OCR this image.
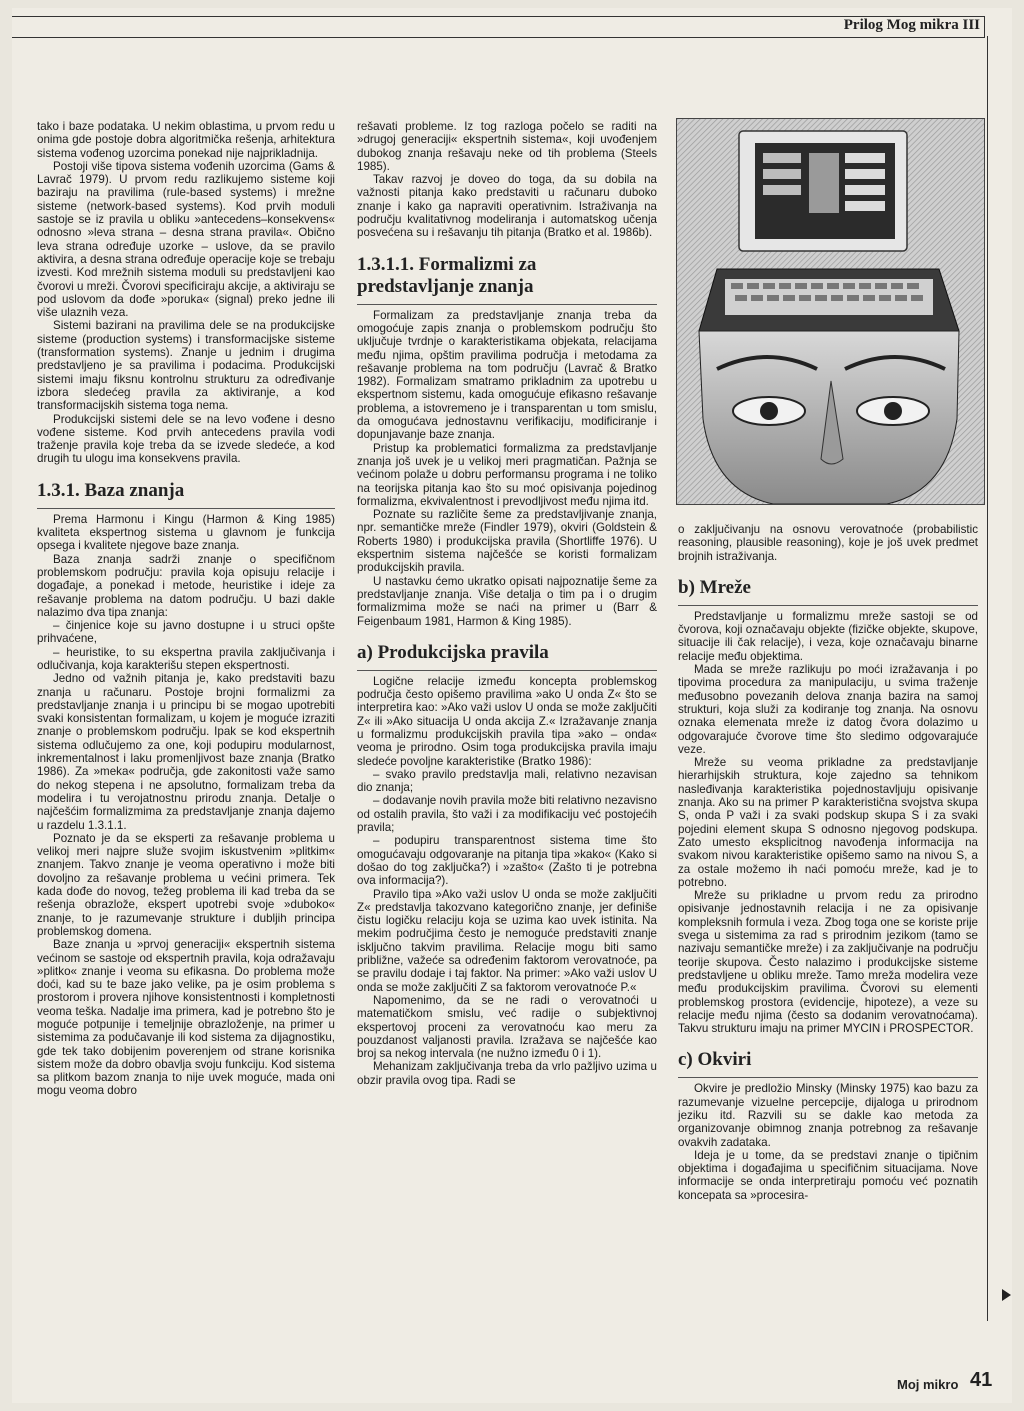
Prilog Mog mikra III

tako i baze podataka. U nekim oblastima, u prvom redu u onima gde postoje dobra algoritmička rešenja, arhitektura sistema vođenog uzorcima ponekad nije najprikladnija.

Postoji više tipova sistema vođenih uzorcima (Gams & Lavrač 1979). U prvom redu razlikujemo sisteme koji baziraju na pravilima (rule-based systems) i mrežne sisteme (network-based systems). Kod prvih moduli sastoje se iz pravila u obliku »antecedens–konsekvens« odnosno »leva strana – desna strana pravila«. Obično leva strana određuje uzorke – uslove, da se pravilo aktivira, a desna strana određuje operacije koje se trebaju izvesti. Kod mrežnih sistema moduli su predstavljeni kao čvorovi u mreži. Čvorovi specificiraju akcije, a aktiviraju se pod uslovom da dođe »poruka« (signal) preko jedne ili više ulaznih veza.

Sistemi bazirani na pravilima dele se na produkcijske sisteme (production systems) i transformacijske sisteme (transformation systems). Znanje u jednim i drugima predstavljeno je sa pravilima i podacima. Produkcijski sistemi imaju fiksnu kontrolnu strukturu za određivanje izbora sledećeg pravila za aktiviranje, a kod transformacijskih sistema toga nema.

Produkcijski sistemi dele se na levo vođene i desno vođene sisteme. Kod prvih antecedens pravila vodi traženje pravila koje treba da se izvede sledeće, a kod drugih tu ulogu ima konsekvens pravila.

1.3.1. Baza znanja

Prema Harmonu i Kingu (Harmon & King 1985) kvaliteta ekspertnog sistema u glavnom je funkcija opsega i kvalitete njegove baze znanja.

Baza znanja sadrži znanje o specifičnom problemskom području: pravila koja opisuju relacije i događaje, a ponekad i metode, heuristike i ideje za rešavanje problema na datom području. U bazi dakle nalazimo dva tipa znanja:

– činjenice koje su javno dostupne i u struci opšte prihvaćene,

– heuristike, to su ekspertna pravila zaključivanja i odlučivanja, koja karakterišu stepen ekspertnosti.

Jedno od važnih pitanja je, kako predstaviti bazu znanja u računaru. Postoje brojni formalizmi za predstavljanje znanja i u principu bi se mogao upotrebiti svaki konsistentan formalizam, u kojem je moguće izraziti znanje o problemskom području. Ipak se kod ekspertnih sistema odlučujemo za one, koji podupiru modularnost, inkrementalnost i laku promenljivost baze znanja (Bratko 1986). Za »meka« područja, gde zakonitosti važe samo do nekog stepena i ne apsolutno, formalizam treba da modelira i tu verojatnostnu prirodu znanja. Detalje o najčešćim formalizmima za predstavljanje znanja dajemo u razdelu 1.3.1.1.

Poznato je da se eksperti za rešavanje problema u velikoj meri najpre služe svojim iskustvenim »plitkim« znanjem. Takvo znanje je veoma operativno i može biti dovoljno za rešavanje problema u većini primera. Tek kada dođe do novog, težeg problema ili kad treba da se rešenja obrazlože, ekspert upotrebi svoje »duboko« znanje, to je razumevanje strukture i dubljih principa problemskog domena.

Baze znanja u »prvoj generaciji« ekspertnih sistema većinom se sastoje od ekspertnih pravila, koja odražavaju »plitko« znanje i veoma su efikasna. Do problema može doći, kad su te baze jako velike, pa je osim problema s prostorom i provera njihove konsistentnosti i kompletnosti veoma teška. Nadalje ima primera, kad je potrebno što je moguće potpunije i temeljnije obrazloženje, na primer u sistemima za podučavanje ili kod sistema za dijagnostiku, gde tek tako dobijenim poverenjem od strane korisnika sistem može da dobro obavlja svoju funkciju. Kod sistema sa plitkom bazom znanja to nije uvek moguće, mada oni mogu veoma dobro

rešavati probleme. Iz tog razloga počelo se raditi na »drugoj generaciji« ekspertnih sistema«, koji uvođenjem dubokog znanja rešavaju neke od tih problema (Steels 1985).

Takav razvoj je doveo do toga, da su dobila na važnosti pitanja kako predstaviti u računaru duboko znanje i kako ga napraviti operativnim. Istraživanja na području kvalitativnog modeliranja i automatskog učenja posvećena su i rešavanju tih pitanja (Bratko et al. 1986b).

1.3.1.1. Formalizmi za predstavljanje znanja

Formalizam za predstavljanje znanja treba da omogoćuje zapis znanja o problemskom području što uključuje tvrdnje o karakteristikama objekata, relacijama među njima, opštim pravilima područja i metodama za rešavanje problema na tom području (Lavrač & Bratko 1982). Formalizam smatramo prikladnim za upotrebu u ekspertnom sistemu, kada omogućuje efikasno rešavanje problema, a istovremeno je i transparentan u tom smislu, da omogućava jednostavnu verifikaciju, modificiranje i dopunjavanje baze znanja.

Pristup ka problematici formalizma za predstavljanje znanja još uvek je u velikoj meri pragmatičan. Pažnja se većinom polaže u dobru performansu programa i ne toliko na teorijska pitanja kao što su moć opisivanja pojedinog formalizma, ekvivalentnost i prevodljivost među njima itd.

Poznate su različite šeme za predstavljivanje znanja, npr. semantičke mreže (Findler 1979), okviri (Goldstein & Roberts 1980) i produkcijska pravila (Shortliffe 1976). U ekspertnim sistema najčešće se koristi formalizam produkcijskih pravila.

U nastavku ćemo ukratko opisati najpoznatije šeme za predstavljanje znanja. Više detalja o tim pa i o drugim formalizmima može se naći na primer u (Barr & Feigenbaum 1981, Harmon & King 1985).

a) Produkcijska pravila

Logične relacije između koncepta problemskog područja često opišemo pravilima »ako U onda Z« što se interpretira kao: »Ako važi uslov U onda se može zaključiti Z« ili »Ako situacija U onda akcija Z.« Izražavanje znanja u formalizmu produkcijskih pravila tipa »ako – onda« veoma je prirodno. Osim toga produkcijska pravila imaju sledeće povoljne karakteristike (Bratko 1986):

– svako pravilo predstavlja mali, relativno nezavisan dio znanja;

– dodavanje novih pravila može biti relativno nezavisno od ostalih pravila, što važi i za modifikaciju već postojećih pravila;

– podupiru transparentnost sistema time što omogućavaju odgovaranje na pitanja tipa »kako« (Kako si došao do tog zaključka?) i »zašto« (Zašto ti je potrebna ova informacija?).

Pravilo tipa »Ako važi uslov U onda se može zaključiti Z« predstavlja takozvano kategorično znanje, jer definiše čistu logičku relaciju koja se uzima kao uvek istinita. Na mekim područjima često je nemoguće predstaviti znanje isključno takvim pravilima. Relacije mogu biti samo približne, važeće sa određenim faktorom verovatnoće, pa se pravilu dodaje i taj faktor. Na primer: »Ako važi uslov U onda se može zaključiti Z sa faktorom verovatnoće P.«

Napomenimo, da se ne radi o verovatnoći u matematičkom smislu, već radije o subjektivnoj ekspertovoj proceni za verovatnoću kao meru za pouzdanost valjanosti pravila. Izražava se najčešće kao broj sa nekog intervala (ne nužno između 0 i 1).

Mehanizam zaključivanja treba da vrlo pažljivo uzima u obzir pravila ovog tipa. Radi se

o zaključivanju na osnovu verovatnoće (probabilistic reasoning, plausible reasoning), koje je još uvek predmet brojnih istraživanja.

b) Mreže

Predstavljanje u formalizmu mreže sastoji se od čvorova, koji označavaju objekte (fizičke objekte, skupove, situacije ili čak relacije), i veza, koje označavaju binarne relacije među objektima.

Mada se mreže razlikuju po moći izražavanja i po tipovima procedura za manipulaciju, u svima traženje međusobno povezanih delova znanja bazira na samoj strukturi, koja služi za kodiranje tog znanja. Na osnovu oznaka elemenata mreže iz datog čvora dolazimo u odgovarajuće čvorove time što sledimo odgovarajuće veze.

Mreže su veoma prikladne za predstavljanje hierarhijskih struktura, koje zajedno sa tehnikom nasleđivanja karakteristika pojednostavljuju opisivanje znanja. Ako su na primer P karakteristična svojstva skupa S, onda P važi i za svaki podskup skupa S i za svaki pojedini element skupa S odnosno njegovog podskupa. Zato umesto eksplicitnog navođenja informacija na svakom nivou karakteristike opišemo samo na nivou S, a za ostale možemo ih naći pomoću mreže, kad je to potrebno.

Mreže su prikladne u prvom redu za prirodno opisivanje jednostavnih relacija i ne za opisivanje kompleksnih formula i veza. Zbog toga one se koriste prije svega u sistemima za rad s prirodnim jezikom (tamo se nazivaju semantičke mreže) i za zaključivanje na području teorije skupova. Često nalazimo i produkcijske sisteme predstavljene u obliku mreže. Tamo mreža modelira veze među produkcijskim pravilima. Čvorovi su elementi problemskog prostora (evidencije, hipoteze), a veze su relacije među njima (često sa dodanim verovatnoćama). Takvu strukturu imaju na primer MYCIN i PROSPECTOR.

c) Okviri

Okvire je predložio Minsky (Minsky 1975) kao bazu za razumevanje vizuelne percepcije, dijaloga u prirodnom jeziku itd. Razvili su se dakle kao metoda za organizovanje obimnog znanja potrebnog za rešavanje ovakvih zadataka.

Ideja je u tome, da se predstavi znanje o tipičnim objektima i događajima u specifičnim situacijama. Nove informacije se onda interpretiraju pomoću već poznatih koncepata sa »procesira-

Moj mikro 41
